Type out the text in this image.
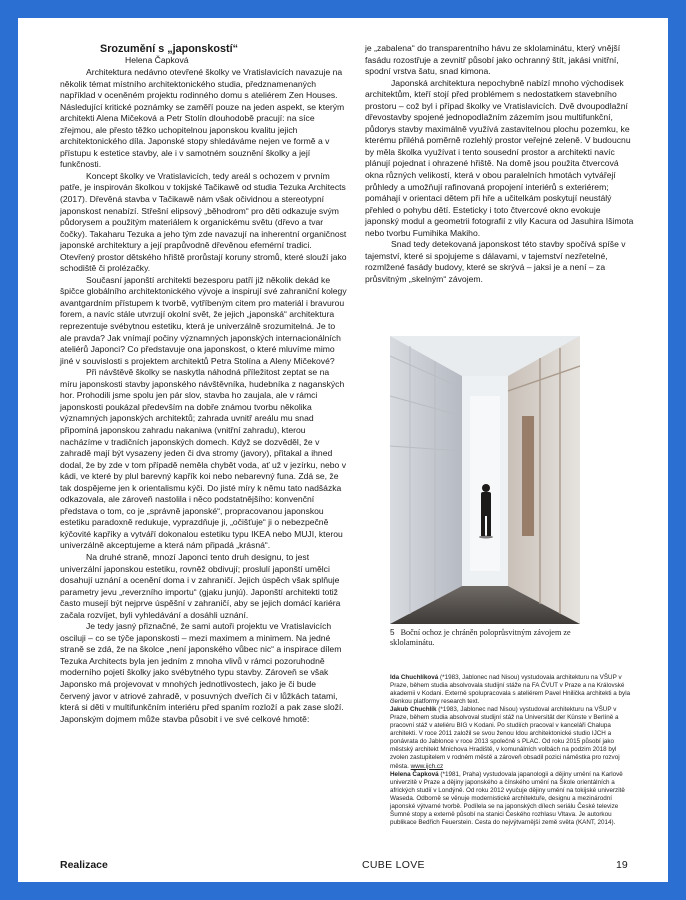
Srozumění s „japonskostí“
Helena Čapková

Architektura nedávno otevřené školky ve Vratislavicích navazuje na několik témat místního architektonického studia, předznamenaných například v oceněném projektu rodinného domu s ateliérem Zen Houses. Následující kritické poznámky se zaměří pouze na jeden aspekt, se kterým architekti Alena Mičeková a Petr Stolín dlouhodobě pracují: na síce zřejmou, ale přesto těžko uchopitelnou japonskou kvalitu jejich architektonického díla. Japonské stopy shledáváme nejen ve formě a v přístupu k estetice stavby, ale i v samotném souznění školky a její funkčnosti.

Koncept školky ve Vratislavicích, tedy areál s ochozem v prvním patře, je inspirován školkou v tokijské Tačikawě od studia Tezuka Architects (2017). Dřevěná stavba v Tačikawě nám však očividnou a stereotypní japonskost nenabízí. Střešní elipsový „běhodrom“ pro děti odkazuje svým půdorysem a použitým materiálem k organickému světu (dřevo a tvar čočky). Takaharu Tezuka a jeho tým zde navazují na inherentní organičnost japonské architektury a její prapůvodně dřevěnou efemérní tradici. Otevřený prostor dětského hřiště prorůstají koruny stromů, které slouží jako schodiště či prolézačky.

Současní japonští architekti bezesporu patří již několik dekád ke špičce globálního architektonického vývoje a inspirují své zahraniční kolegy avantgardním přístupem k tvorbě, vytříbeným citem pro materiál i bravurou forem, a navíc stále utvrzují okolní svět, že jejich „japonská“ architektura reprezentuje svébytnou estetiku, která je univerzálně srozumitelná. Je to ale pravda? Jak vnímají počiny významných japonských internacionálních ateliérů Japonci? Co představuje ona japonskost, o které mluvíme mimo jiné v souvislosti s projektem architektů Petra Stolína a Aleny Mičekové?

Při návštěvě školky se naskytla náhodná příležitost zeptat se na míru japonskosti stavby japonského návštěvníka, hudebníka z naganských hor. Prohodili jsme spolu jen pár slov, stavba ho zaujala, ale v rámci japonskosti poukázal především na dobře známou tvorbu několika významných japonských architektů; zahrada uvnitř areálu mu snad připomíná japonskou zahradu nakaniwa (vnitřní zahradu), kterou nacházíme v tradičních japonských domech. Když se dozvěděl, že v zahradě mají být vysazeny jeden či dva stromy (javory), přitakal a ihned dodal, že by zde v tom případě neměla chybět voda, ať už v jezírku, nebo v kádi, ve které by plul barevný kapřík koi nebo nebarevný funa. Zdá se, že tak dospějeme jen k orientalismu kýči. Do jisté míry k němu tato nadšázka odkazovala, ale zároveň nastolila i něco podstatnějšího: konvenční představa o tom, co je „správně japonské“, propracovanou japonskou estetiku paradoxně redukuje, vyprazdňuje ji, „očišťuje“ ji o nebezpečně kýčovité kapříky a vytváří dokonalou estetiku typu IKEA nebo MUJI, kterou univerzálně akceptujeme a která nám připadá „krásná“.

Na druhé straně, mnozí Japonci tento druh designu, to jest univerzální japonskou estetiku, rovněž obdivují; proslulí japonští umělci dosahují uznání a ocenění doma i v zahraničí. Jejich úspěch však splňuje parametry jevu „reverzního importu“ (gjaku junjú). Japonští architekti totiž často musejí být nejprve úspěšní v zahraničí, aby se jejich domácí kariéra začala rozvíjet, byli vyhledávání a dosáhli uznání.

Je tedy jasný přiznačné, že sami autoři projektu ve Vratislavicích osciluji – co se týče japonskosti – mezi maximem a minimem. Na jedné straně se zdá, že na školce „není japonského vůbec nic“ a inspirace dílem Tezuka Architects byla jen jedním z mnoha vlivů v rámci pozoruhodně moderního pojetí školky jako svébytného typu stavby. Zároveň se však Japonsko má projevovat v mnohých jednotlivostech, jako je či bude červený javor v atriové zahradě, v posuvných dveřích či v lůžkách tatami, která si děti v multifunkčním interiéru před spaním rozloží a pak zase složí. Japonským dojmem může stavba působit i ve své celkové hmotě:

je „zabalena“ do transparentního hávu ze sklolaminátu, který vnější fasádu rozostřuje a zevnitř působí jako ochranný štít, jakási vnitřní, spodní vrstva šatu, snad kimona.

Japonská architektura nepochybně nabízí mnoho východisek architektům, kteří stojí před problémem s nedostatkem stavebního prostoru – což byl i případ školky ve Vratislavicích. Dvě dvoupodlažní dřevostavby spojené jednopodlažním zázemím jsou multifunkční, půdorys stavby maximálně využívá zastavitelnou plochu pozemku, ke kterému přiléhá poměrně rozlehlý prostor veřejné zeleně. V budoucnu by měla školka využívat i tento sousední prostor a architekti navíc plánují pojednat i ohrazené hřiště. Na domě jsou použita čtvercová okna různých velikostí, která v obou paralelních hmotách vytvářejí průhledy a umožňují rafinovaná propojení interiérů s exteriérem; pomáhají v orientaci dětem při hře a učitelkám poskytují neustálý přehled o pohybu dětí. Esteticky i toto čtvercové okno evokuje japonský modul a geometrii fotografií z vily Kacura od Jasuhira Išimota nebo tvorbu Fumihika Makiho.

Snad tedy detekovaná japonskost této stavby spočívá spíše v tajemství, které si spojujeme s dálavami, v tajemství nezřetelné, rozmlžené fasády budovy, které se skrývá – jaksi je a není – za průsvitným „skelným“ závojem.

5 Boční ochoz je chráněn poloprůsvitným závojem ze sklolaminátu.

Ida Chuchlíková (*1983, Jablonec nad Nisou) vystudovala architekturu na VŠUP v Praze, během studia absolvovala studijní stáže na FA ČVUT v Praze a na Královské akademii v Kodani. Externě spolupracovala s ateliérem Pavel Hnilička architekti a byla členkou platformy research text.

Jakub Chuchlík (*1983, Jablonec nad Nisou) vystudoval architekturu na VŠUP v Praze, během studia absolvoval studijní stáž na Universität der Künste v Berlíně a pracovní stáž v ateliéru BIG v Kodani. Po studiích pracoval v kanceláři Chalupa architekti. V roce 2011 založil se svou ženou Idou architektonické studio IJCH a ponávrata do Jablonce v roce 2013 společně s PLAC. Od roku 2015 působí jako městský architekt Mnichova Hradiště, v komunálních volbách na podzim 2018 byl zvolen zastupitelem v rodném městě a zároveň obsadil pozici náměstka pro rozvoj města. www.ijch.cz

Helena Čapková (*1981, Praha) vystudovala japanologii a dějiny umění na Karlově univerzitě v Praze a dějiny japonského a čínského umění na Škole orientálních a afrických studií v Londýně. Od roku 2012 vyučuje dějiny umění na tokijské univerzitě Waseda. Odborně se věnuje modernistické architektuře, designu a mezinárodní japonské výtvarné tvorbě. Podílela se na japonských dílech seriálu České televize Šumné stopy a externě působí na stanici Českého rozhlasu Vltava. Je autorkou publikace Bedřich Feuerstein. Cesta do nejvýtvarnější země světa (KANT, 2014).

Realizace	CUBE LOVE	19
